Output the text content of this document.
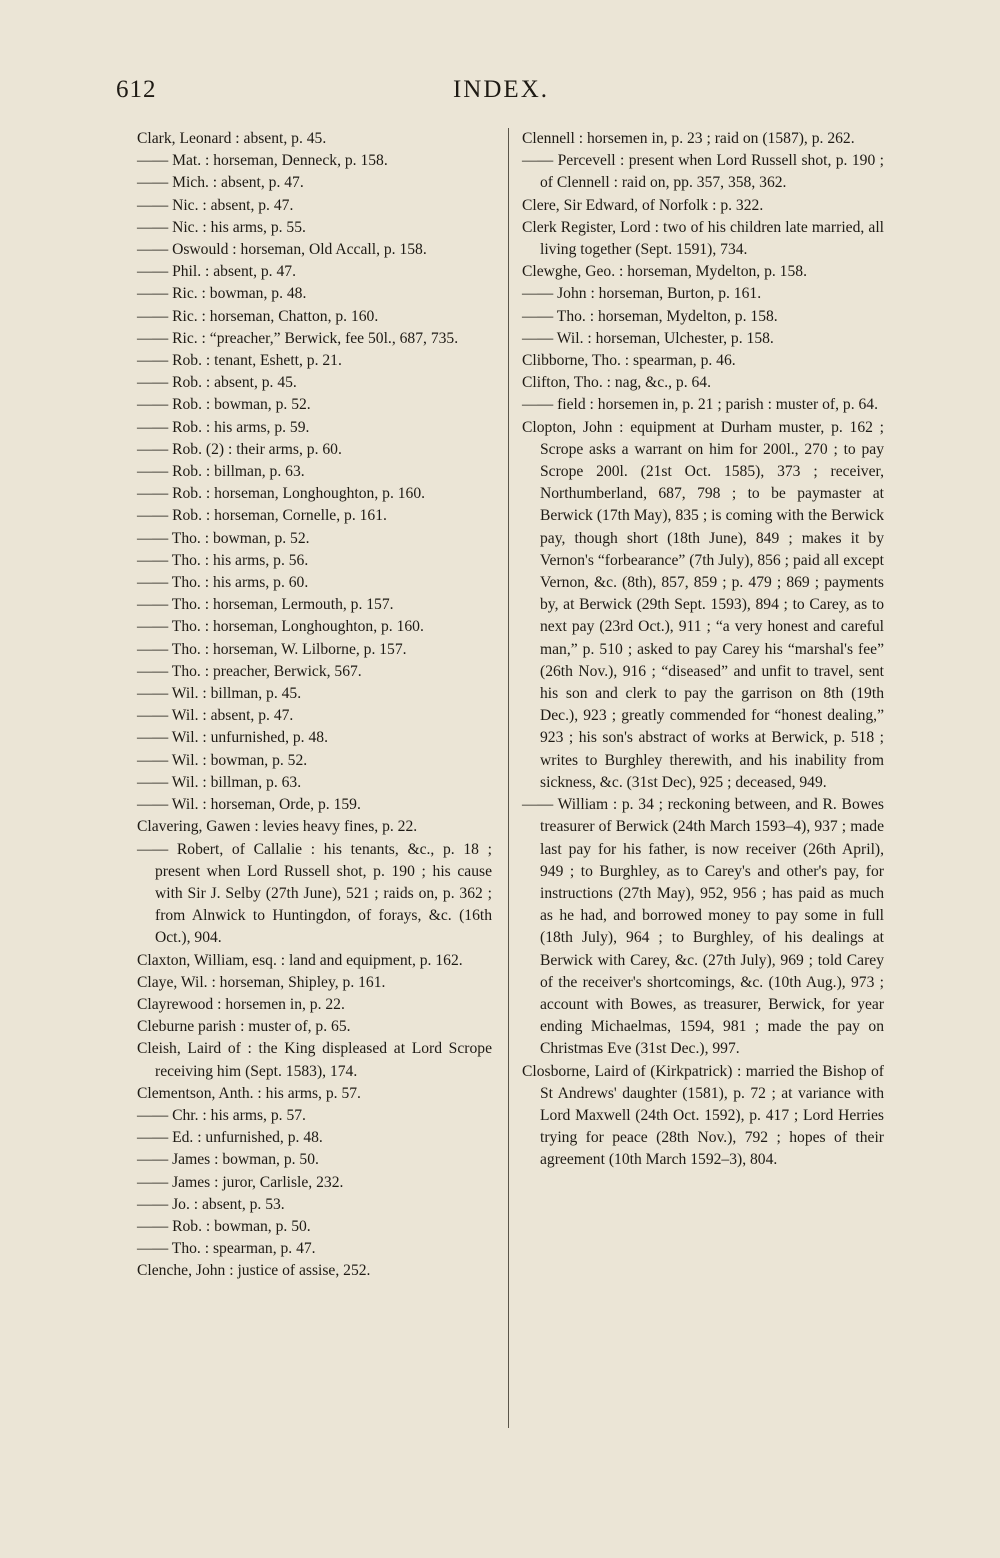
612	INDEX.

Clark, Leonard : absent, p. 45.

—— Mat. : horseman, Denneck, p. 158.

—— Mich. : absent, p. 47.

—— Nic. : absent, p. 47.

—— Nic. : his arms, p. 55.

—— Oswould : horseman, Old Accall, p. 158.

—— Phil. : absent, p. 47.

—— Ric. : bowman, p. 48.

—— Ric. : horseman, Chatton, p. 160.

—— Ric. : “preacher,” Berwick, fee 50l., 687, 735.

—— Rob. : tenant, Eshett, p. 21.

—— Rob. : absent, p. 45.

—— Rob. : bowman, p. 52.

—— Rob. : his arms, p. 59.

—— Rob. (2) : their arms, p. 60.

—— Rob. : billman, p. 63.

—— Rob. : horseman, Longhoughton, p. 160.

—— Rob. : horseman, Cornelle, p. 161.

—— Tho. : bowman, p. 52.

—— Tho. : his arms, p. 56.

—— Tho. : his arms, p. 60.

—— Tho. : horseman, Lermouth, p. 157.

—— Tho. : horseman, Longhoughton, p. 160.

—— Tho. : horseman, W. Lilborne, p. 157.

—— Tho. : preacher, Berwick, 567.

—— Wil. : billman, p. 45.

—— Wil. : absent, p. 47.

—— Wil. : unfurnished, p. 48.

—— Wil. : bowman, p. 52.

—— Wil. : billman, p. 63.

—— Wil. : horseman, Orde, p. 159.

Clavering, Gawen : levies heavy fines, p. 22.

—— Robert, of Callalie : his tenants, &c., p. 18 ; present when Lord Russell shot, p. 190 ; his cause with Sir J. Selby (27th June), 521 ; raids on, p. 362 ; from Alnwick to Huntingdon, of forays, &c. (16th Oct.), 904.

Claxton, William, esq. : land and equipment, p. 162.

Claye, Wil. : horseman, Shipley, p. 161.

Clayrewood : horsemen in, p. 22.

Cleburne parish : muster of, p. 65.

Cleish, Laird of : the King displeased at Lord Scrope receiving him (Sept. 1583), 174.

Clementson, Anth. : his arms, p. 57.

—— Chr. : his arms, p. 57.

—— Ed. : unfurnished, p. 48.

—— James : bowman, p. 50.

—— James : juror, Carlisle, 232.

—— Jo. : absent, p. 53.

—— Rob. : bowman, p. 50.

—— Tho. : spearman, p. 47.

Clenche, John : justice of assise, 252.

Clennell : horsemen in, p. 23 ; raid on (1587), p. 262.

—— Percevell : present when Lord Russell shot, p. 190 ; of Clennell : raid on, pp. 357, 358, 362.

Clere, Sir Edward, of Norfolk : p. 322.

Clerk Register, Lord : two of his children late married, all living together (Sept. 1591), 734.

Clewghe, Geo. : horseman, Mydelton, p. 158.

—— John : horseman, Burton, p. 161.

—— Tho. : horseman, Mydelton, p. 158.

—— Wil. : horseman, Ulchester, p. 158.

Clibborne, Tho. : spearman, p. 46.

Clifton, Tho. : nag, &c., p. 64.

—— field : horsemen in, p. 21 ; parish : muster of, p. 64.

Clopton, John : equipment at Durham muster, p. 162 ; Scrope asks a warrant on him for 200l., 270 ; to pay Scrope 200l. (21st Oct. 1585), 373 ; receiver, Northumberland, 687, 798 ; to be paymaster at Berwick (17th May), 835 ; is coming with the Berwick pay, though short (18th June), 849 ; makes it by Vernon's “forbearance” (7th July), 856 ; paid all except Vernon, &c. (8th), 857, 859 ; p. 479 ; 869 ; payments by, at Berwick (29th Sept. 1593), 894 ; to Carey, as to next pay (23rd Oct.), 911 ; “a very honest and careful man,” p. 510 ; asked to pay Carey his “marshal's fee” (26th Nov.), 916 ; “diseased” and unfit to travel, sent his son and clerk to pay the garrison on 8th (19th Dec.), 923 ; greatly commended for “honest dealing,” 923 ; his son's abstract of works at Berwick, p. 518 ; writes to Burghley therewith, and his inability from sickness, &c. (31st Dec), 925 ; deceased, 949.

—— William : p. 34 ; reckoning between, and R. Bowes treasurer of Berwick (24th March 1593–4), 937 ; made last pay for his father, is now receiver (26th April), 949 ; to Burghley, as to Carey's and other's pay, for instructions (27th May), 952, 956 ; has paid as much as he had, and borrowed money to pay some in full (18th July), 964 ; to Burghley, of his dealings at Berwick with Carey, &c. (27th July), 969 ; told Carey of the receiver's shortcomings, &c. (10th Aug.), 973 ; account with Bowes, as treasurer, Berwick, for year ending Michaelmas, 1594, 981 ; made the pay on Christmas Eve (31st Dec.), 997.

Closborne, Laird of (Kirkpatrick) : married the Bishop of St Andrews' daughter (1581), p. 72 ; at variance with Lord Maxwell (24th Oct. 1592), p. 417 ; Lord Herries trying for peace (28th Nov.), 792 ; hopes of their agreement (10th March 1592–3), 804.
